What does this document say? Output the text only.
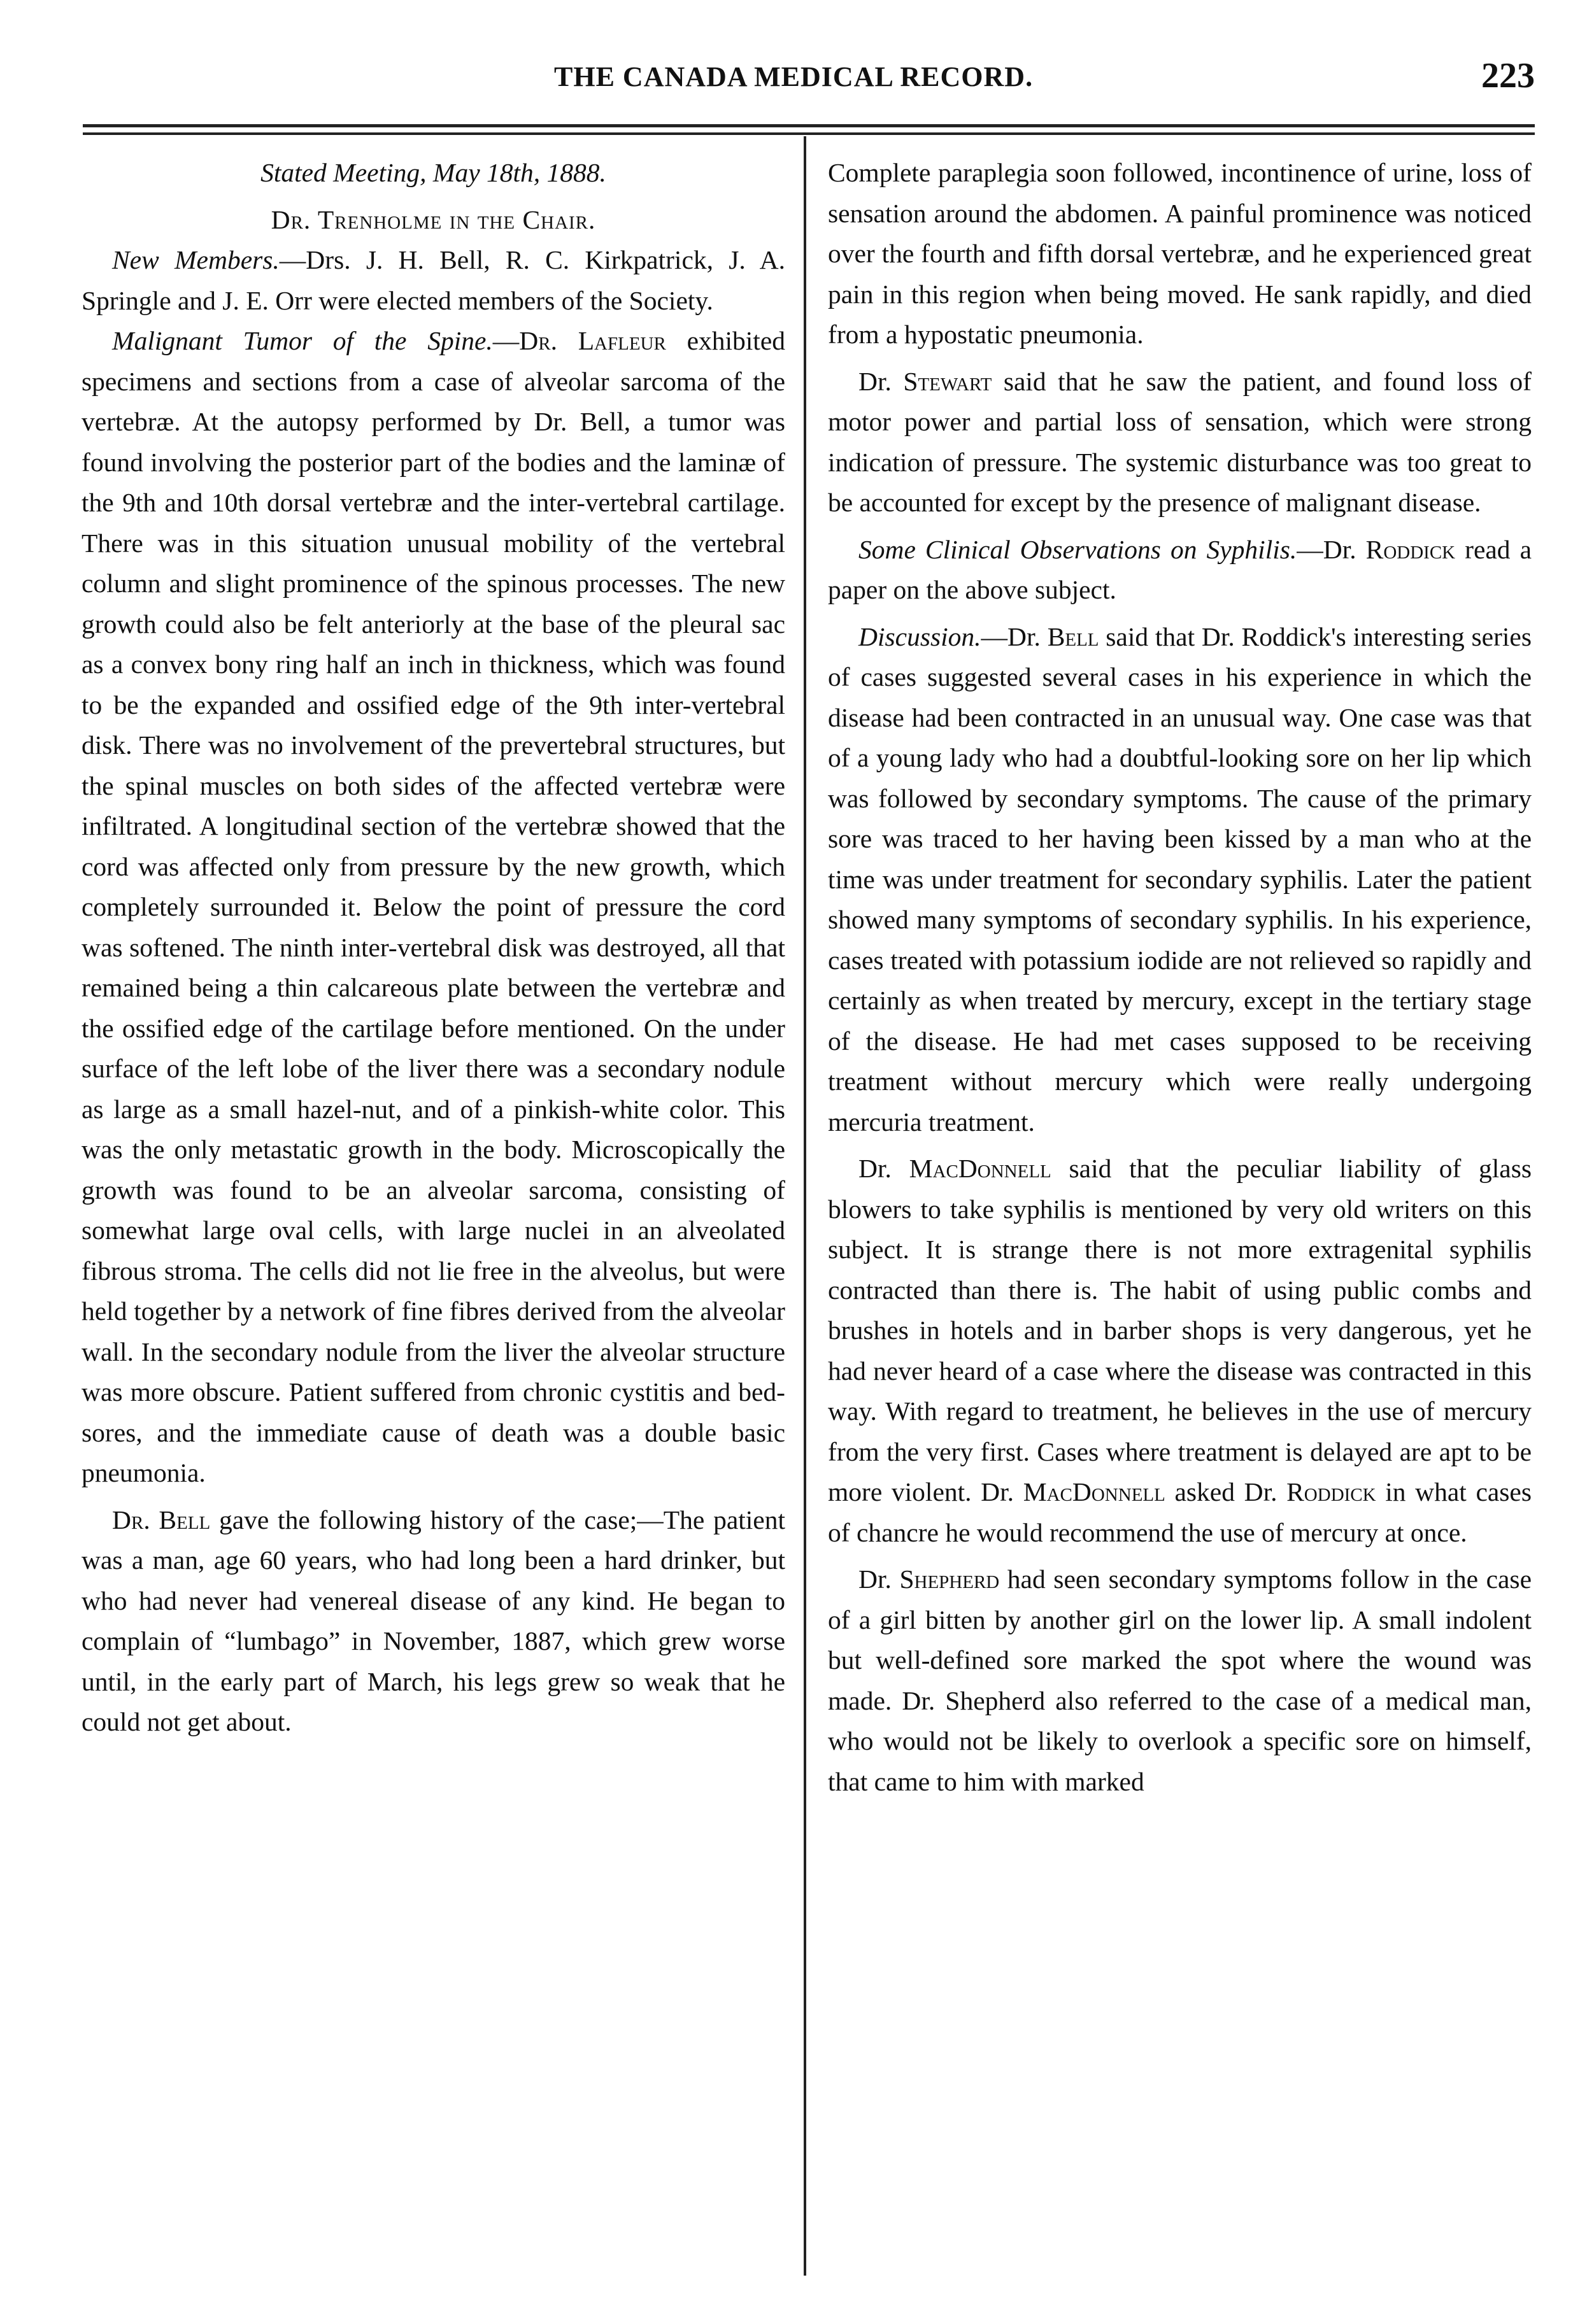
THE CANADA MEDICAL RECORD.	223
Stated Meeting, May 18th, 1888.
Dr. Trenholme in the Chair.

New Members.—Drs. J. H. Bell, R. C. Kirkpatrick, J. A. Springle and J. E. Orr were elected members of the Society.

Malignant Tumor of the Spine.—Dr. Lafleur exhibited specimens and sections from a case of alveolar sarcoma of the vertebræ. At the autopsy performed by Dr. Bell, a tumor was found involving the posterior part of the bodies and the laminæ of the 9th and 10th dorsal vertebræ and the inter-vertebral cartilage. There was in this situation unusual mobility of the vertebral column and slight prominence of the spinous processes. The new growth could also be felt anteriorly at the base of the pleural sac as a convex bony ring half an inch in thickness, which was found to be the expanded and ossified edge of the 9th inter-vertebral disk. There was no involvement of the prevertebral structures, but the spinal muscles on both sides of the affected vertebræ were infiltrated. A longitudinal section of the vertebræ showed that the cord was affected only from pressure by the new growth, which completely surrounded it. Below the point of pressure the cord was softened. The ninth inter-vertebral disk was destroyed, all that remained being a thin calcareous plate between the vertebræ and the ossified edge of the cartilage before mentioned. On the under surface of the left lobe of the liver there was a secondary nodule as large as a small hazel-nut, and of a pinkish-white color. This was the only metastatic growth in the body. Microscopically the growth was found to be an alveolar sarcoma, consisting of somewhat large oval cells, with large nuclei in an alveolated fibrous stroma. The cells did not lie free in the alveolus, but were held together by a network of fine fibres derived from the alveolar wall. In the secondary nodule from the liver the alveolar structure was more obscure. Patient suffered from chronic cystitis and bed-sores, and the immediate cause of death was a double basic pneumonia.

Dr. Bell gave the following history of the case;—The patient was a man, age 60 years, who had long been a hard drinker, but who had never had venereal disease of any kind. He began to complain of “lumbago” in November, 1887, which grew worse until, in the early part of March, his legs grew so weak that he could not get about.

Complete paraplegia soon followed, incontinence of urine, loss of sensation around the abdomen. A painful prominence was noticed over the fourth and fifth dorsal vertebræ, and he experienced great pain in this region when being moved. He sank rapidly, and died from a hypostatic pneumonia.

Dr. Stewart said that he saw the patient, and found loss of motor power and partial loss of sensation, which were strong indication of pressure. The systemic disturbance was too great to be accounted for except by the presence of malignant disease.

Some Clinical Observations on Syphilis.—Dr. Roddick read a paper on the above subject.

Discussion.—Dr. Bell said that Dr. Roddick's interesting series of cases suggested several cases in his experience in which the disease had been contracted in an unusual way. One case was that of a young lady who had a doubtful-looking sore on her lip which was followed by secondary symptoms. The cause of the primary sore was traced to her having been kissed by a man who at the time was under treatment for secondary syphilis. Later the patient showed many symptoms of secondary syphilis. In his experience, cases treated with potassium iodide are not relieved so rapidly and certainly as when treated by mercury, except in the tertiary stage of the disease. He had met cases supposed to be receiving treatment without mercury which were really undergoing mercuria treatment.

Dr. MacDonnell said that the peculiar liability of glass blowers to take syphilis is mentioned by very old writers on this subject. It is strange there is not more extragenital syphilis contracted than there is. The habit of using public combs and brushes in hotels and in barber shops is very dangerous, yet he had never heard of a case where the disease was contracted in this way. With regard to treatment, he believes in the use of mercury from the very first. Cases where treatment is delayed are apt to be more violent. Dr. MacDonnell asked Dr. Roddick in what cases of chancre he would recommend the use of mercury at once.

Dr. Shepherd had seen secondary symptoms follow in the case of a girl bitten by another girl on the lower lip. A small indolent but well-defined sore marked the spot where the wound was made. Dr. Shepherd also referred to the case of a medical man, who would not be likely to overlook a specific sore on himself, that came to him with marked
